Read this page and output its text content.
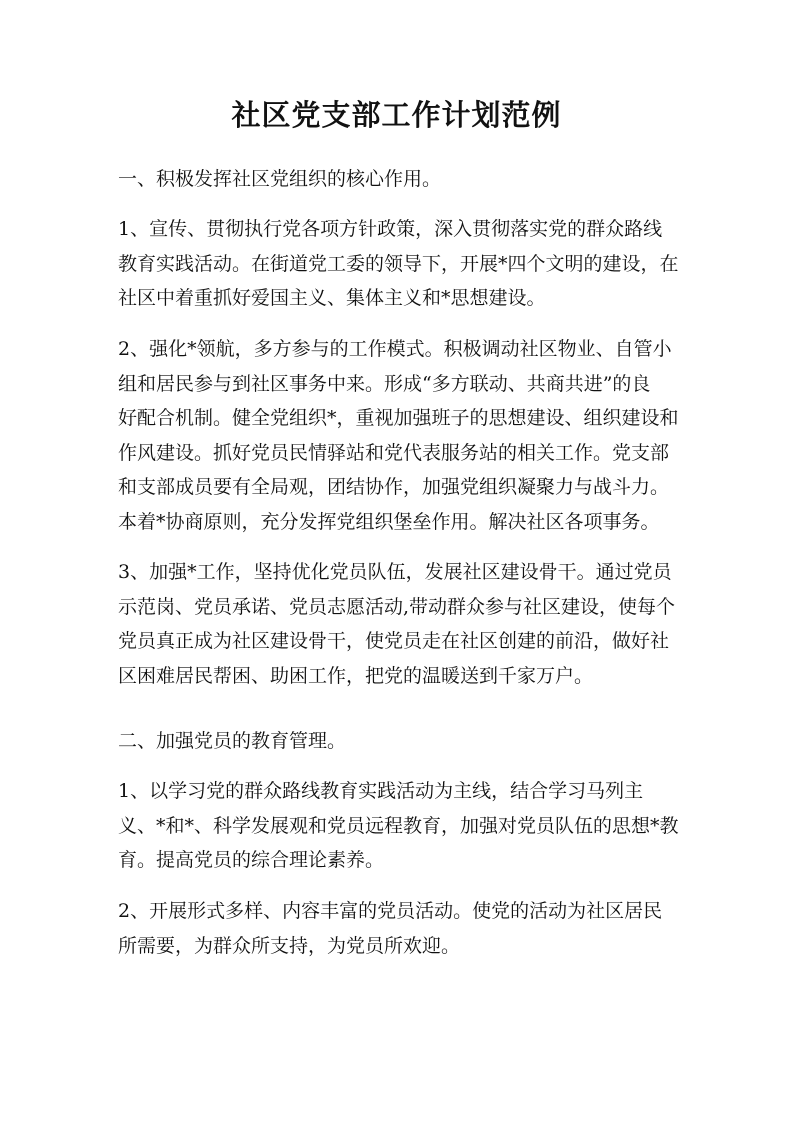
社区党支部工作计划范例

一、积极发挥社区党组织的核心作用。

1、宣传、贯彻执行党各项方针政策，深入贯彻落实党的群众路线
教育实践活动。在街道党工委的领导下，开展*四个文明的建设，在
社区中着重抓好爱国主义、集体主义和*思想建设。

2、强化*领航，多方参与的工作模式。积极调动社区物业、自管小
组和居民参与到社区事务中来。形成“多方联动、共商共进”的良
好配合机制。健全党组织*，重视加强班子的思想建设、组织建设和
作风建设。抓好党员民情驿站和党代表服务站的相关工作。党支部
和支部成员要有全局观，团结协作，加强党组织凝聚力与战斗力。
本着*协商原则，充分发挥党组织堡垒作用。解决社区各项事务。

3、加强*工作，坚持优化党员队伍，发展社区建设骨干。通过党员
示范岗、党员承诺、党员志愿活动,带动群众参与社区建设，使每个
党员真正成为社区建设骨干，使党员走在社区创建的前沿，做好社
区困难居民帮困、助困工作，把党的温暖送到千家万户。

二、加强党员的教育管理。

1、以学习党的群众路线教育实践活动为主线，结合学习马列主
义、*和*、科学发展观和党员远程教育，加强对党员队伍的思想*教
育。提高党员的综合理论素养。

2、开展形式多样、内容丰富的党员活动。使党的活动为社区居民
所需要，为群众所支持，为党员所欢迎。
